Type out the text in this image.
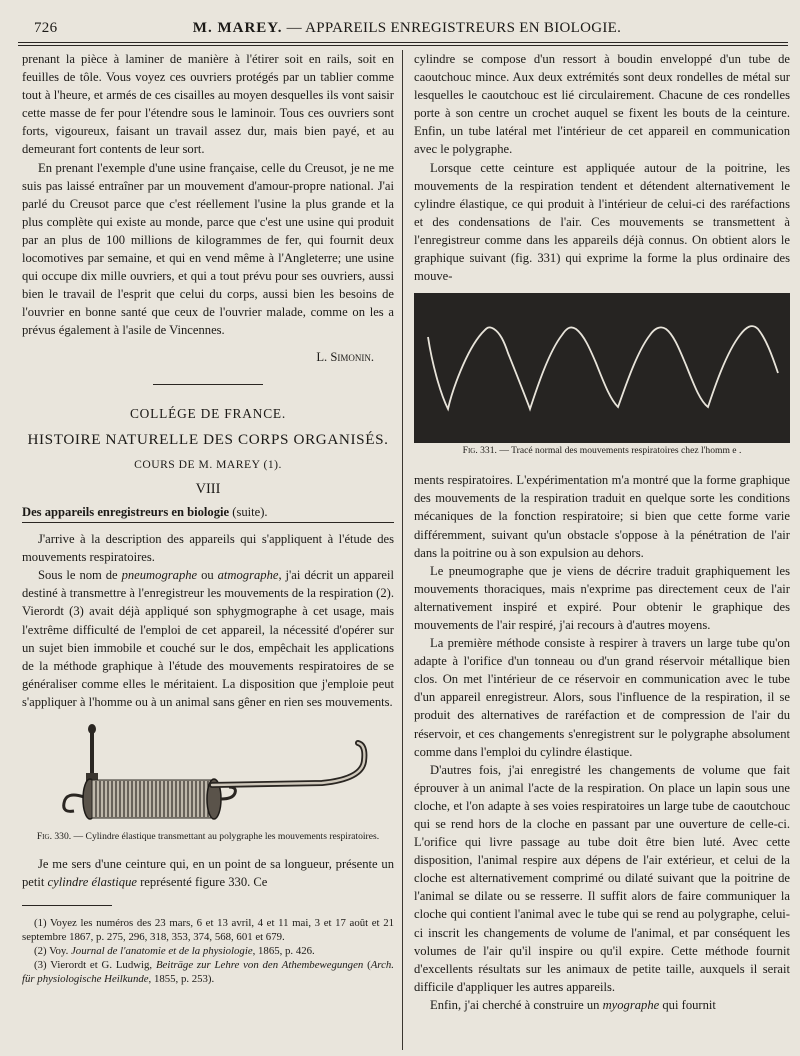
726	M. MAREY. — APPAREILS ENREGISTREURS EN BIOLOGIE.

prenant la pièce à laminer de manière à l'étirer soit en rails, soit en feuilles de tôle. Vous voyez ces ouvriers protégés par un tablier comme tout à l'heure, et armés de ces cisailles au moyen desquelles ils vont saisir cette masse de fer pour l'étendre sous le laminoir. Tous ces ouvriers sont forts, vigoureux, faisant un travail assez dur, mais bien payé, et au demeurant fort contents de leur sort.

En prenant l'exemple d'une usine française, celle du Creusot, je ne me suis pas laissé entraîner par un mouvement d'amour-propre national. J'ai parlé du Creusot parce que c'est réellement l'usine la plus grande et la plus complète qui existe au monde, parce que c'est une usine qui produit par an plus de 100 millions de kilogrammes de fer, qui fournit deux locomotives par semaine, et qui en vend même à l'Angleterre; une usine qui occupe dix mille ouvriers, et qui a tout prévu pour ses ouvriers, aussi bien le travail de l'esprit que celui du corps, aussi bien les besoins de l'ouvrier en bonne santé que ceux de l'ouvrier malade, comme on les a prévus également à l'asile de Vincennes.

L. Simonin.

COLLÉGE DE FRANCE.

HISTOIRE NATURELLE DES CORPS ORGANISÉS.

COURS DE M. MAREY (1).

VIII

Des appareils enregistreurs en biologie (suite).

J'arrive à la description des appareils qui s'appliquent à l'étude des mouvements respiratoires.

Sous le nom de pneumographe ou atmographe, j'ai décrit un appareil destiné à transmettre à l'enregistreur les mouvements de la respiration (2). Vierordt (3) avait déjà appliqué son sphygmographe à cet usage, mais l'extrême difficulté de l'emploi de cet appareil, la nécessité d'opérer sur un sujet bien immobile et couché sur le dos, empêchait les applications de la méthode graphique à l'étude des mouvements respiratoires de se généraliser comme elles le méritaient. La disposition que j'emploie peut s'appliquer à l'homme ou à un animal sans gêner en rien ses mouvements.

Fig. 330. — Cylindre élastique transmettant au polygraphe les mouvements respiratoires.

Je me sers d'une ceinture qui, en un point de sa longueur, présente un petit cylindre élastique représenté figure 330. Ce

(1) Voyez les numéros des 23 mars, 6 et 13 avril, 4 et 11 mai, 3 et 17 août et 21 septembre 1867, p. 275, 296, 318, 353, 374, 568, 601 et 679.

(2) Voy. Journal de l'anatomie et de la physiologie, 1865, p. 426.

(3) Vierordt et G. Ludwig, Beiträge zur Lehre von den Athembewegungen (Arch. für physiologische Heilkunde, 1855, p. 253).

cylindre se compose d'un ressort à boudin enveloppé d'un tube de caoutchouc mince. Aux deux extrémités sont deux rondelles de métal sur lesquelles le caoutchouc est lié circulairement. Chacune de ces rondelles porte à son centre un crochet auquel se fixent les bouts de la ceinture. Enfin, un tube latéral met l'intérieur de cet appareil en communication avec le polygraphe.

Lorsque cette ceinture est appliquée autour de la poitrine, les mouvements de la respiration tendent et détendent alternativement le cylindre élastique, ce qui produit à l'intérieur de celui-ci des raréfactions et des condensations de l'air. Ces mouvements se transmettent à l'enregistreur comme dans les appareils déjà connus. On obtient alors le graphique suivant (fig. 331) qui exprime la forme la plus ordinaire des mouve-

Fig. 331. — Tracé normal des mouvements respiratoires chez l'homm e .

ments respiratoires. L'expérimentation m'a montré que la forme graphique des mouvements de la respiration traduit en quelque sorte les conditions mécaniques de la fonction respiratoire; si bien que cette forme varie différemment, suivant qu'un obstacle s'oppose à la pénétration de l'air dans la poitrine ou à son expulsion au dehors.

Le pneumographe que je viens de décrire traduit graphiquement les mouvements thoraciques, mais n'exprime pas directement ceux de l'air alternativement inspiré et expiré. Pour obtenir le graphique des mouvements de l'air respiré, j'ai recours à d'autres moyens.

La première méthode consiste à respirer à travers un large tube qu'on adapte à l'orifice d'un tonneau ou d'un grand réservoir métallique bien clos. On met l'intérieur de ce réservoir en communication avec le tube d'un appareil enregistreur. Alors, sous l'influence de la respiration, il se produit des alternatives de raréfaction et de compression de l'air du réservoir, et ces changements s'enregistrent sur le polygraphe absolument comme dans l'emploi du cylindre élastique.

D'autres fois, j'ai enregistré les changements de volume que fait éprouver à un animal l'acte de la respiration. On place un lapin sous une cloche, et l'on adapte à ses voies respiratoires un large tube de caoutchouc qui se rend hors de la cloche en passant par une ouverture de celle-ci. L'orifice qui livre passage au tube doit être bien luté. Avec cette disposition, l'animal respire aux dépens de l'air extérieur, et celui de la cloche est alternativement comprimé ou dilaté suivant que la poitrine de l'animal se dilate ou se resserre. Il suffit alors de faire communiquer la cloche qui contient l'animal avec le tube qui se rend au polygraphe, celui-ci inscrit les changements de volume de l'animal, et par conséquent les volumes de l'air qu'il inspire ou qu'il expire. Cette méthode fournit d'excellents résultats sur les animaux de petite taille, auxquels il serait difficile d'appliquer les autres appareils.

Enfin, j'ai cherché à construire un myographe qui fournit
